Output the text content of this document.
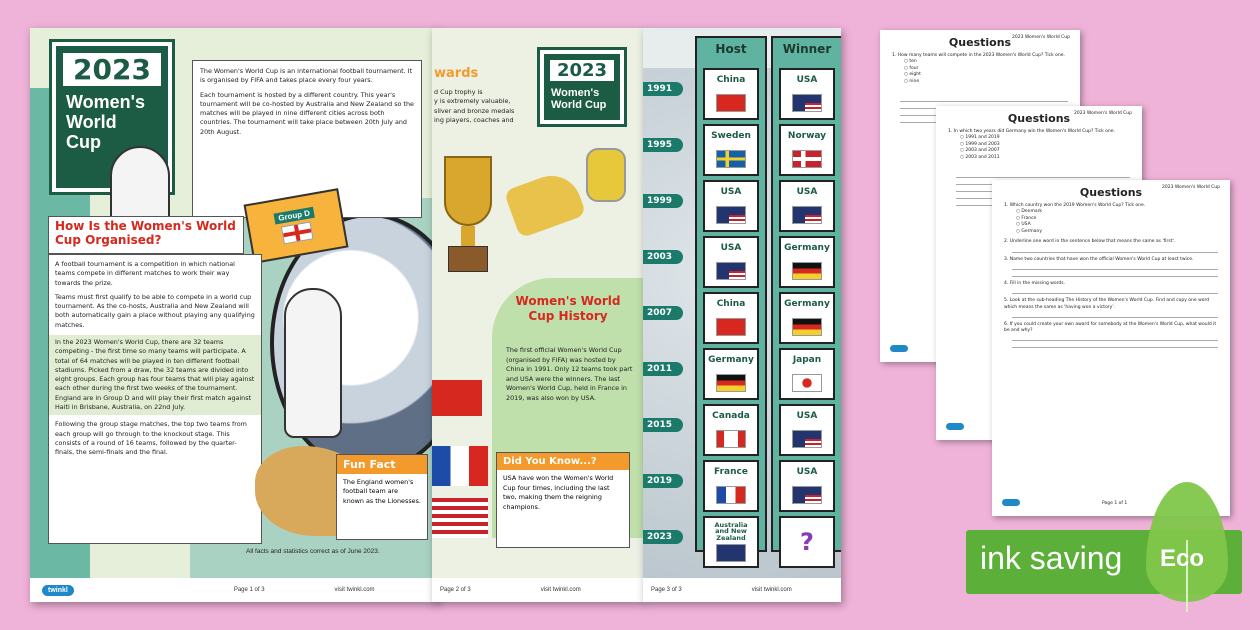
2023
Women's
World
Cup

The Women's World Cup is an international football tournament. It is organised by FIFA and takes place every four years.

Each tournament is hosted by a different country. This year's tournament will be co-hosted by Australia and New Zealand so the matches will be played in nine different cities across both countries. The tournament will take place between 20th July and 20th August.

Group D
How Is the Women's World Cup Organised?

A football tournament is a competition in which national teams compete in different matches to work their way towards the prize.

Teams must first qualify to be able to compete in a world cup tournament. As the co-hosts, Australia and New Zealand will both automatically gain a place without playing any qualifying matches.

In the 2023 Women's World Cup, there are 32 teams competing - the first time so many teams will participate. A total of 64 matches will be played in ten different football stadiums. Picked from a draw, the 32 teams are divided into eight groups. Each group has four teams that will play against each other during the first two weeks of the tournament. England are in Group D and will play their first match against Haiti in Brisbane, Australia, on 22nd July.

Following the group stage matches, the top two teams from each group will go through to the knockout stage. This consists of a round of 16 teams, followed by the quarter-finals, the semi-finals and the final.

Fun Fact
The England women's football team are known as the Lionesses.
All facts and statistics correct as of June 2023.
twinkl	Page 1 of 3	visit twinkl.com
wards
d Cup trophy is
y is extremely valuable,
silver and bronze medals
ing players, coaches and
2023
Women's
World Cup
Women's World Cup History
The first official Women's World Cup (organised by FIFA) was hosted by China in 1991. Only 12 teams took part and USA were the winners. The last Women's World Cup, held in France in 2019, was also won by USA.
Did You Know...?
USA have won the Women's World Cup four times, including the last two, making them the reigning champions.
Page 2 of 3	visit twinkl.com
Host	Winner
1991
China	USA
1995
Sweden	Norway
1999
USA	USA
2003
USA	Germany
2007
China	Germany
2011
Germany	Japan
2015
Canada	USA
2019
France	USA
2023
Australia and New Zealand	?
Page 3 of 3	visit twinkl.com
2023 Women's World Cup
Questions
1. How many teams will compete in the 2023 Women's World Cup? Tick one.
○ ten
○ four
○ eight
○ nine
2023 Women's World Cup
Questions
1. In which two years did Germany win the Women's World Cup? Tick one.
○ 1991 and 2019
○ 1999 and 2003
○ 2003 and 2007
○ 2003 and 2011
2023 Women's World Cup
Questions
1. Which country won the 2019 Women's World Cup? Tick one.
○ Denmark
○ France
○ USA
○ Germany
2. Underline one word in the sentence below that means the same as 'first'.
3. Name two countries that have won the official Women's World Cup at least twice.
4. Fill in the missing words.
5. Look at the sub-heading The History of the Women's World Cup. Find and copy one word which means the same as 'having won a victory'.
6. If you could create your own award for somebody at the Women's World Cup, what would it be and why?
Page 1 of 1
ink saving Eco
